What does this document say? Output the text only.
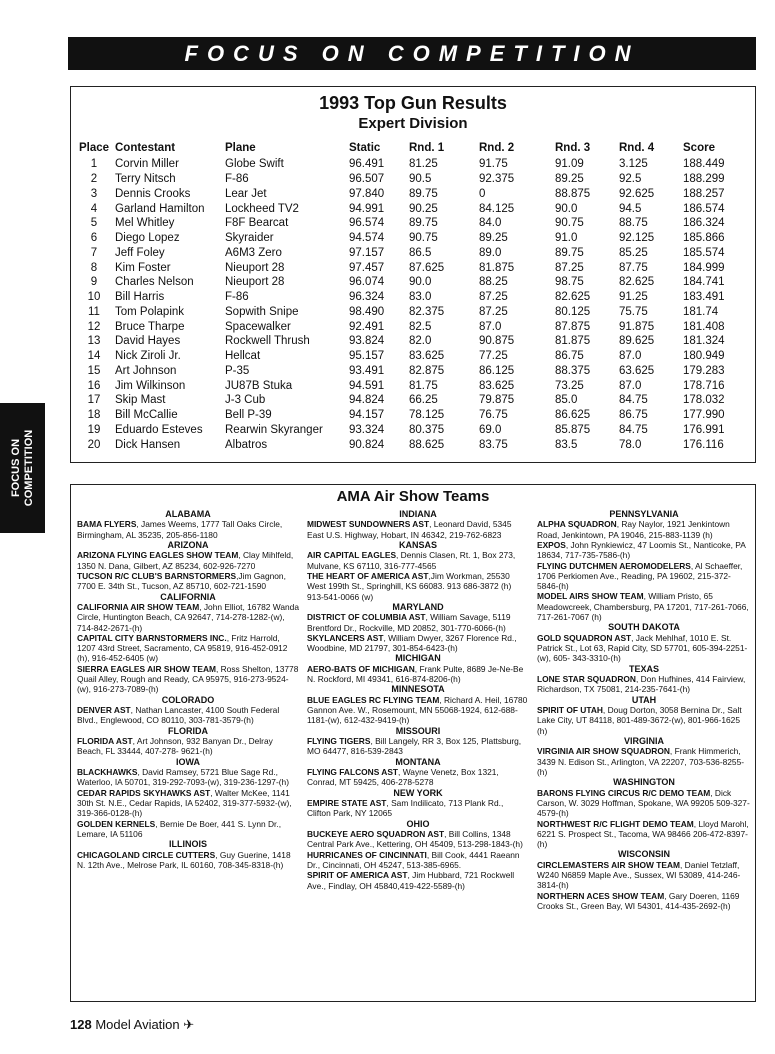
FOCUS ON COMPETITION
FOCUS ON
COMPETITION
1993 Top Gun Results
Expert Division
Place	Contestant	Plane	Static	Rnd. 1	Rnd. 2	Rnd. 3	Rnd. 4	Score
1	Corvin Miller	Globe Swift	96.491	81.25	91.75	91.09	3.125	188.449
2	Terry Nitsch	F-86	96.507	90.5	92.375	89.25	92.5	188.299
3	Dennis Crooks	Lear Jet	97.840	89.75	0	88.875	92.625	188.257
4	Garland Hamilton	Lockheed TV2	94.991	90.25	84.125	90.0	94.5	186.574
5	Mel Whitley	F8F Bearcat	96.574	89.75	84.0	90.75	88.75	186.324
6	Diego Lopez	Skyraider	94.574	90.75	89.25	91.0	92.125	185.866
7	Jeff Foley	A6M3 Zero	97.157	86.5	89.0	89.75	85.25	185.574
8	Kim Foster	Nieuport 28	97.457	87.625	81.875	87.25	87.75	184.999
9	Charles Nelson	Nieuport 28	96.074	90.0	88.25	98.75	82.625	184.741
10	Bill Harris	F-86	96.324	83.0	87.25	82.625	91.25	183.491
11	Tom Polapink	Sopwith Snipe	98.490	82.375	87.25	80.125	75.75	181.74
12	Bruce Tharpe	Spacewalker	92.491	82.5	87.0	87.875	91.875	181.408
13	David Hayes	Rockwell Thrush	93.824	82.0	90.875	81.875	89.625	181.324
14	Nick Ziroli Jr.	Hellcat	95.157	83.625	77.25	86.75	87.0	180.949
15	Art Johnson	P-35	93.491	82.875	86.125	88.375	63.625	179.283
16	Jim Wilkinson	JU87B Stuka	94.591	81.75	83.625	73.25	87.0	178.716
17	Skip Mast	J-3 Cub	94.824	66.25	79.875	85.0	84.75	178.032
18	Bill McCallie	Bell P-39	94.157	78.125	76.75	86.625	86.75	177.990
19	Eduardo Esteves	Rearwin Skyranger	93.324	80.375	69.0	85.875	84.75	176.991
20	Dick Hansen	Albatros	90.824	88.625	83.75	83.5	78.0	176.116
AMA Air Show Teams
ALABAMA
BAMA FLYERS, James Weems, 1777 Tall Oaks Circle, Birmingham, AL 35235, 205-856-1180
ARIZONA
ARIZONA FLYING EAGLES SHOW TEAM, Clay Mihlfeld, 1350 N. Dana, Gilbert, AZ 85234, 602-926-7270
TUCSON R/C CLUB'S BARNSTORMERS,Jim Gagnon, 7700 E. 34th St., Tucson, AZ 85710, 602-721-1590
CALIFORNIA
CALIFORNIA AIR SHOW TEAM, John Elliot, 16782 Wanda Circle, Huntington Beach, CA 92647, 714-278-1282-(w), 714-842-2671-(h)
CAPITAL CITY BARNSTORMERS INC., Fritz Harrold, 1207 43rd Street, Sacramento, CA 95819, 916-452-0912 (h), 916-452-6405 (w)
SIERRA EAGLES AIR SHOW TEAM, Ross Shelton, 13778 Quail Alley, Rough and Ready, CA 95975, 916-273-9524-(w), 916-273-7089-(h)
COLORADO
DENVER AST, Nathan Lancaster, 4100 South Federal Blvd., Englewood, CO 80110, 303-781-3579-(h)
FLORIDA
FLORIDA AST, Art Johnson, 932 Banyan Dr., Delray Beach, FL 33444, 407-278- 9621-(h)
IOWA
BLACKHAWKS, David Ramsey, 5721 Blue Sage Rd., Waterloo, IA 50701, 319-292-7093-(w), 319-236-1297-(h)
CEDAR RAPIDS SKYHAWKS AST, Walter McKee, 1141 30th St. N.E., Cedar Rapids, IA 52402, 319-377-5932-(w), 319-366-0128-(h)
GOLDEN KERNELS, Bernie De Boer, 441 S. Lynn Dr., Lemare, IA 51106
ILLINOIS
CHICAGOLAND CIRCLE CUTTERS, Guy Guerine, 1418 N. 12th Ave., Melrose Park, IL 60160, 708-345-8318-(h)
INDIANA
MIDWEST SUNDOWNERS AST, Leonard David, 5345 East U.S. Highway, Hobart, IN 46342, 219-762-6823
KANSAS
AIR CAPITAL EAGLES, Dennis Clasen, Rt. 1, Box 273, Mulvane, KS 67110, 316-777-4565
THE HEART OF AMERICA AST,Jim Workman, 25530 West 199th St., Springhill, KS 66083. 913 686-3872 (h) 913-541-0066 (w)
MARYLAND
DISTRICT OF COLUMBIA AST, William Savage, 5119 Brentford Dr., Rockville, MD 20852, 301-770-6066-(h)
SKYLANCERS AST, William Dwyer, 3267 Florence Rd., Woodbine, MD 21797, 301-854-6423-(h)
MICHIGAN
AERO-BATS OF MICHIGAN, Frank Pulte, 8689 Je-Ne-Be N. Rockford, MI 49341, 616-874-8206-(h)
MINNESOTA
BLUE EAGLES RC FLYING TEAM, Richard A. Heil, 16780 Gannon Ave. W., Rosemount, MN 55068-1924, 612-688-1181-(w), 612-432-9419-(h)
MISSOURI
FLYING TIGERS, Bill Langely, RR 3, Box 125, Plattsburg, MO 64477, 816-539-2843
MONTANA
FLYING FALCONS AST, Wayne Venetz, Box 1321, Conrad, MT 59425, 406-278-5278
NEW YORK
EMPIRE STATE AST, Sam Indilicato, 713 Plank Rd., Clifton Park, NY 12065
OHIO
BUCKEYE AERO SQUADRON AST, Bill Collins, 1348 Central Park Ave., Kettering, OH 45409, 513-298-1843-(h)
HURRICANES OF CINCINNATI, Bill Cook, 4441 Raeann Dr., Cincinnati, OH 45247, 513-385-6965.
SPIRIT OF AMERICA AST, Jim Hubbard, 721 Rockwell Ave., Findlay, OH 45840,419-422-5589-(h)
PENNSYLVANIA
ALPHA SQUADRON, Ray Naylor, 1921 Jenkintown Road, Jenkintown, PA 19046, 215-883-1139 (h)
EXPOS, John Rynkiewicz, 47 Loomis St., Nanticoke, PA 18634, 717-735-7586-(h)
FLYING DUTCHMEN AEROMODELERS, Al Schaeffer, 1706 Perkiomen Ave., Reading, PA 19602, 215-372-5846-(h)
MODEL AIRS SHOW TEAM, William Pristo, 65 Meadowcreek, Chambersburg, PA 17201, 717-261-7066, 717-261-7067 (h)
SOUTH DAKOTA
GOLD SQUADRON AST, Jack Mehlhaf, 1010 E. St. Patrick St., Lot 63, Rapid City, SD 57701, 605-394-2251-(w), 605- 343-3310-(h)
TEXAS
LONE STAR SQUADRON, Don Hufhines, 414 Fairview, Richardson, TX 75081, 214-235-7641-(h)
UTAH
SPIRIT OF UTAH, Doug Dorton, 3058 Bernina Dr., Salt Lake City, UT 84118, 801-489-3672-(w), 801-966-1625 (h)
VIRGINIA
VIRGINIA AIR SHOW SQUADRON, Frank Himmerich, 3439 N. Edison St., Arlington, VA 22207, 703-536-8255-(h)
WASHINGTON
BARONS FLYING CIRCUS R/C DEMO TEAM, Dick Carson, W. 3029 Hoffman, Spokane, WA 99205 509-327-4579-(h)
NORTHWEST R/C FLIGHT DEMO TEAM, Lloyd Marohl, 6221 S. Prospect St., Tacoma, WA 98466 206-472-8397-(h)
WISCONSIN
CIRCLEMASTERS AIR SHOW TEAM, Daniel Tetzlaff, W240 N6859 Maple Ave., Sussex, WI 53089, 414-246-3814-(h)
NORTHERN ACES SHOW TEAM, Gary Doeren, 1169 Crooks St., Green Bay, WI 54301, 414-435-2692-(h)
128 Model Aviation ✈
